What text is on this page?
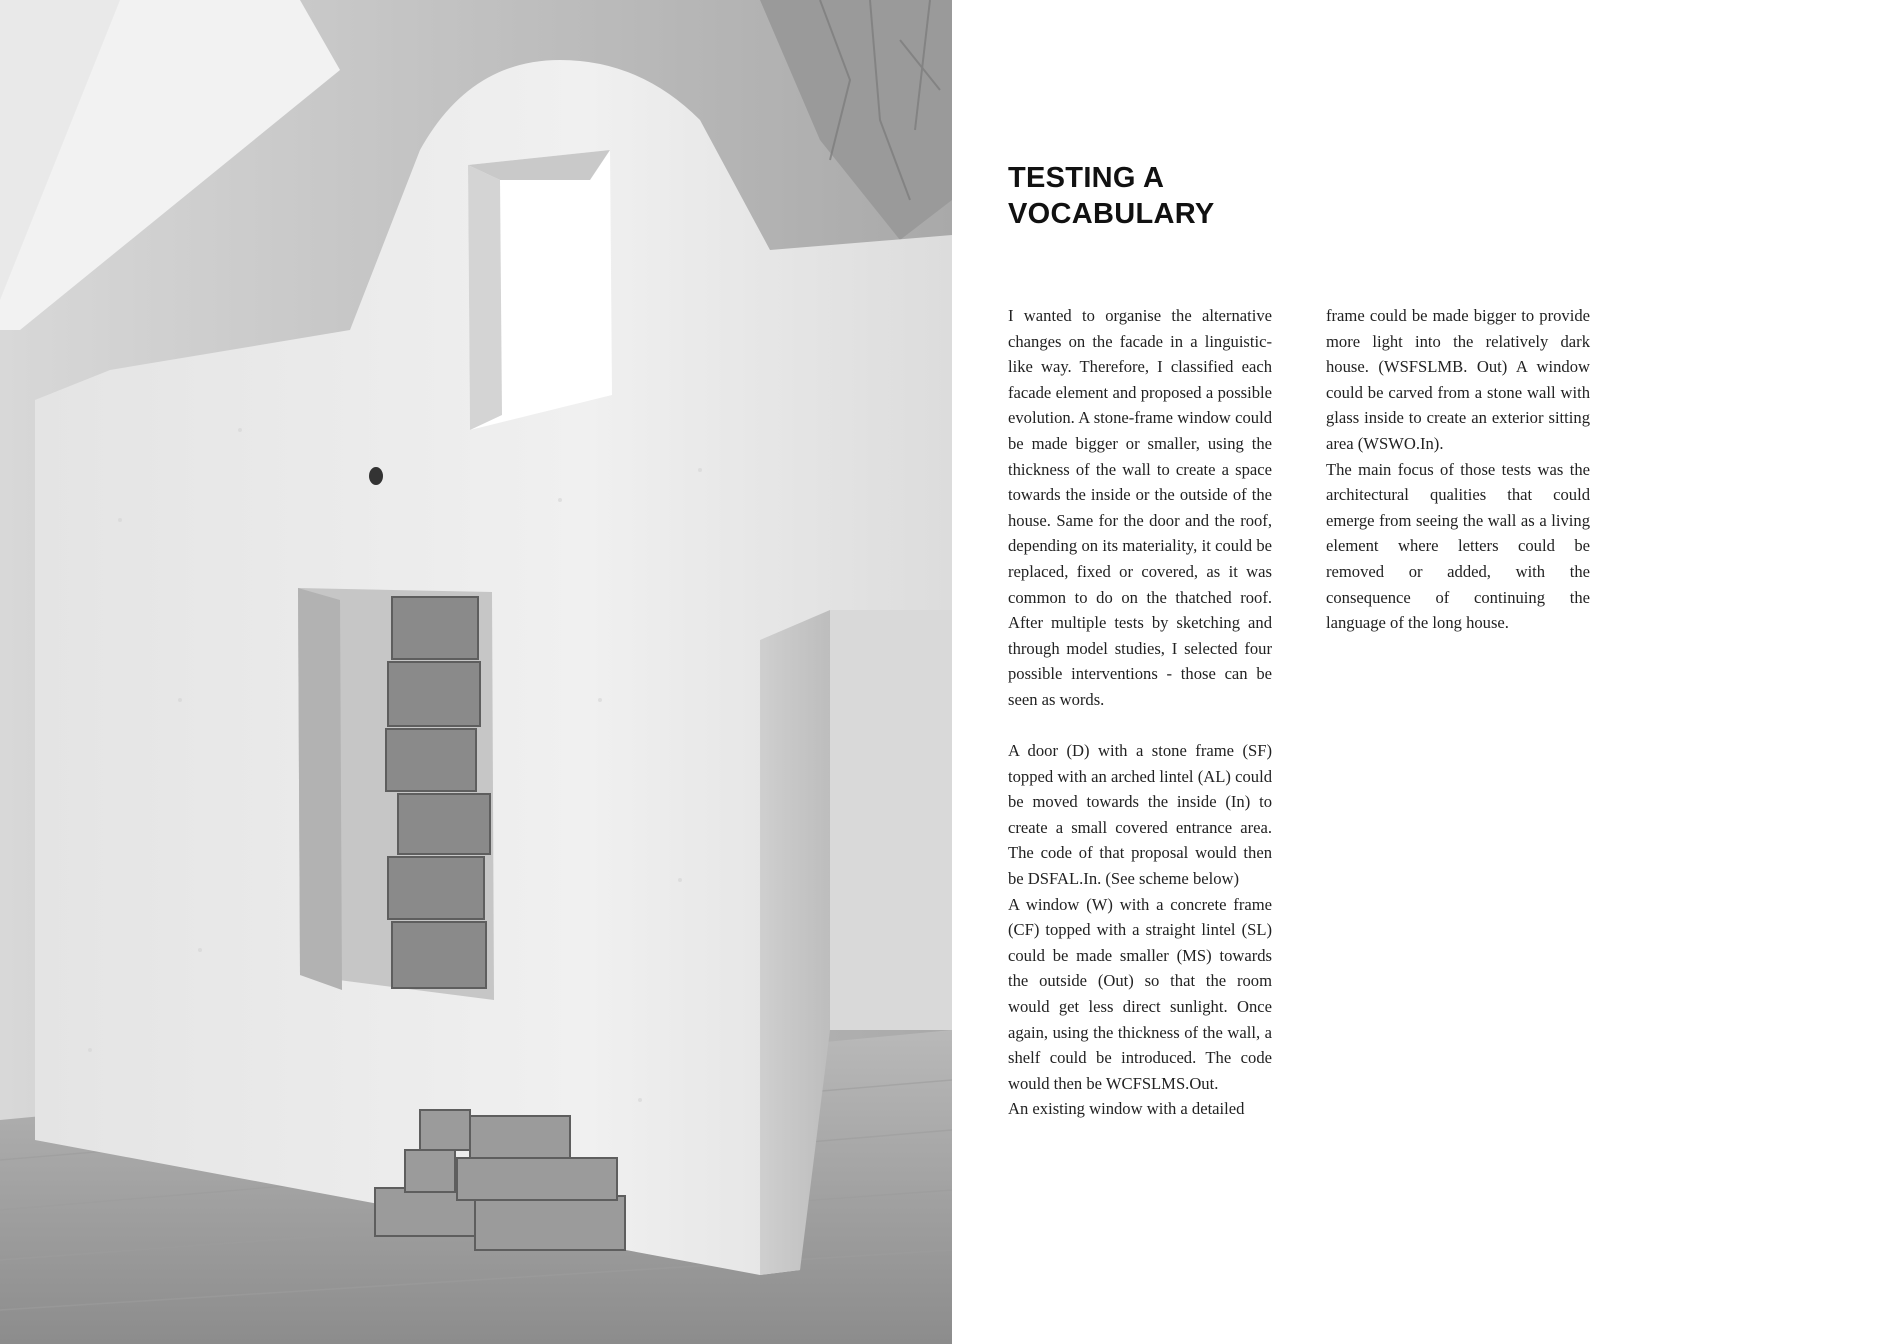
TESTING A
VOCABULARY

I wanted to organise the alternative changes on the facade in a linguistic-like way. Therefore, I classified each facade element and proposed a possible evolution. A stone-frame window could be made bigger or smaller, using the thickness of the wall to create a space towards the inside or the outside of the house. Same for the door and the roof, depending on its materiality, it could be replaced, fixed or covered, as it was common to do on the thatched roof. After multiple tests by sketching and through model studies, I selected four possible interventions - those can be seen as words.

A door (D) with a stone frame (SF) topped with an arched lintel (AL) could be moved towards the inside (In) to create a small covered entrance area. The code of that proposal would then be DSFAL.In. (See scheme below)

A window (W) with a concrete frame (CF) topped with a straight lintel (SL) could be made smaller (MS) towards the outside (Out) so that the room would get less direct sunlight. Once again, using the thickness of the wall, a shelf could be introduced. The code would then be WCFSLMS.Out.

An existing window with a detailed

frame could be made bigger to provide more light into the relatively dark house. (WSFSLMB. Out) A window could be carved from a stone wall with glass inside to create an exterior sitting area (WSWO.In).

The main focus of those tests was the architectural qualities that could emerge from seeing the wall as a living element where letters could be removed or added, with the consequence of continuing the language of the long house.
